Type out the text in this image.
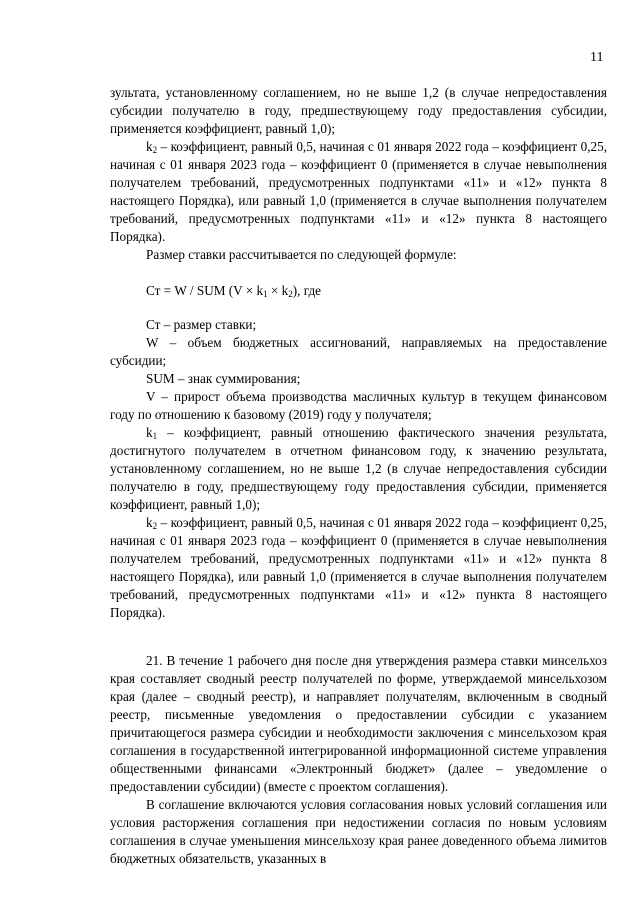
11

зультата, установленному соглашением, но не выше 1,2 (в случае непредоставления субсидии получателю в году, предшествующему году предоставления субсидии, применяется коэффициент, равный 1,0);

$k_2$ – коэффициент, равный 0,5, начиная с 01 января 2022 года – коэффициент 0,25, начиная с 01 января 2023 года – коэффициент 0 (применяется в случае невыполнения получателем требований, предусмотренных подпунктами «11» и «12» пункта 8 настоящего Порядка), или равный 1,0 (применяется в случае выполнения получателем требований, предусмотренных подпунктами «11» и «12» пункта 8 настоящего Порядка).

Размер ставки рассчитывается по следующей формуле:

Ст = W / SUM $(V \times k_1 \times k_2)$, где

Ст – размер ставки;

W – объем бюджетных ассигнований, направляемых на предоставление субсидии;

SUM – знак суммирования;

V – прирост объема производства масличных культур в текущем финансовом году по отношению к базовому (2019) году у получателя;

$k_1$ – коэффициент, равный отношению фактического значения результата, достигнутого получателем в отчетном финансовом году, к значению результата, установленному соглашением, но не выше 1,2 (в случае непредоставления субсидии получателю в году, предшествующему году предоставления субсидии, применяется коэффициент, равный 1,0);

$k_2$ – коэффициент, равный 0,5, начиная с 01 января 2022 года – коэффициент 0,25, начиная с 01 января 2023 года – коэффициент 0 (применяется в случае невыполнения получателем требований, предусмотренных подпунктами «11» и «12» пункта 8 настоящего Порядка), или равный 1,0 (применяется в случае выполнения получателем требований, предусмотренных подпунктами «11» и «12» пункта 8 настоящего Порядка).

21. В течение 1 рабочего дня после дня утверждения размера ставки минсельхоз края составляет сводный реестр получателей по форме, утверждаемой минсельхозом края (далее – сводный реестр), и направляет получателям, включенным в сводный реестр, письменные уведомления о предоставлении субсидии с указанием причитающегося размера субсидии и необходимости заключения с минсельхозом края соглашения в государственной интегрированной информационной системе управления общественными финансами «Электронный бюджет» (далее – уведомление о предоставлении субсидии) (вместе с проектом соглашения).

В соглашение включаются условия согласования новых условий соглашения или условия расторжения соглашения при недостижении согласия по новым условиям соглашения в случае уменьшения минсельхозу края ранее доведенного объема лимитов бюджетных обязательств, указанных в
